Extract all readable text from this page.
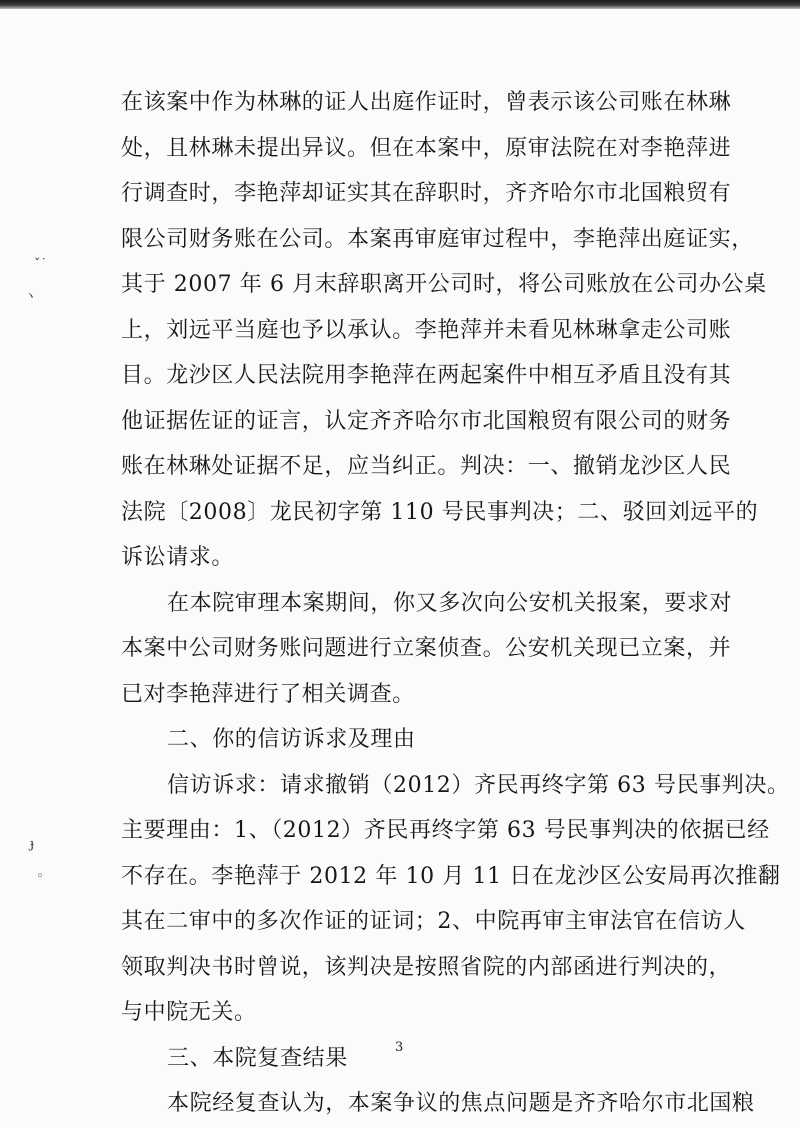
ˇ˙
ヽ
ɟ
◦
在该案中作为林琳的证人出庭作证时，曾表示该公司账在林琳
处，且林琳未提出异议。但在本案中，原审法院在对李艳萍进
行调查时，李艳萍却证实其在辞职时，齐齐哈尔市北国粮贸有
限公司财务账在公司。本案再审庭审过程中，李艳萍出庭证实，
其于 2007 年 6 月末辞职离开公司时，将公司账放在公司办公桌
上，刘远平当庭也予以承认。李艳萍并未看见林琳拿走公司账
目。龙沙区人民法院用李艳萍在两起案件中相互矛盾且没有其
他证据佐证的证言，认定齐齐哈尔市北国粮贸有限公司的财务
账在林琳处证据不足，应当纠正。判决：一、撤销龙沙区人民
法院〔2008〕龙民初字第 110 号民事判决；二、驳回刘远平的
诉讼请求。
在本院审理本案期间，你又多次向公安机关报案，要求对
本案中公司财务账问题进行立案侦查。公安机关现已立案，并
已对李艳萍进行了相关调查。
二、你的信访诉求及理由
信访诉求：请求撤销（2012）齐民再终字第 63 号民事判决。
主要理由：1、（2012）齐民再终字第 63 号民事判决的依据已经
不存在。李艳萍于 2012 年 10 月 11 日在龙沙区公安局再次推翻
其在二审中的多次作证的证词；2、中院再审主审法官在信访人
领取判决书时曾说，该判决是按照省院的内部函进行判决的，
与中院无关。
三、本院复查结果
本院经复查认为，本案争议的焦点问题是齐齐哈尔市北国粮
3
